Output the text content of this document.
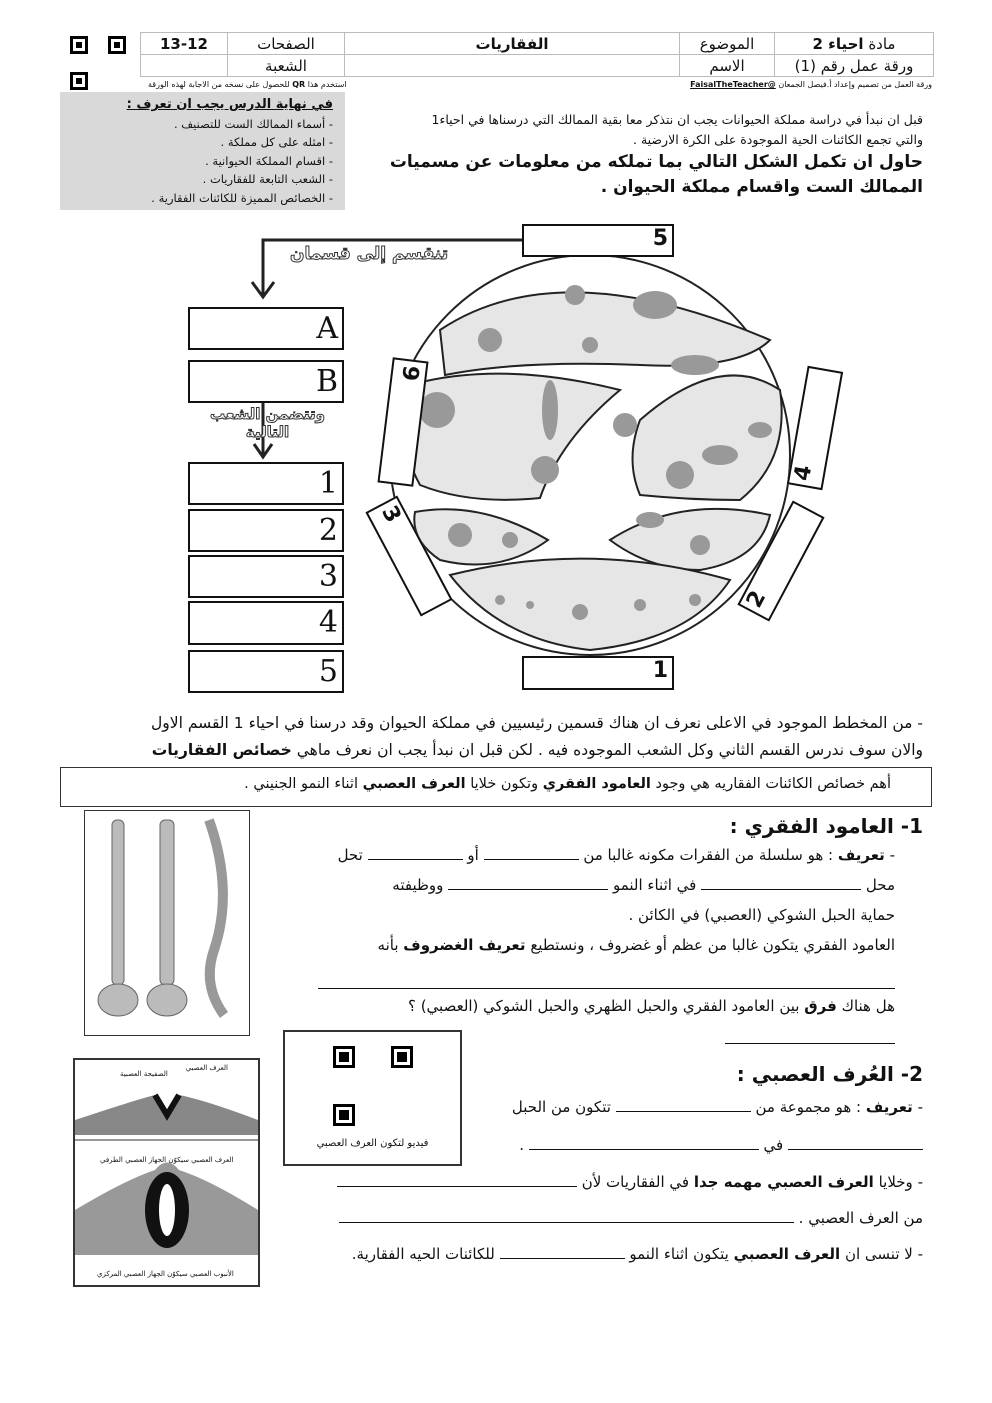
13-12	الصفحات	الفقاريات	الموضوع	مادة احياء 2
	الشعبة		الاسم	ورقة عمل رقم (1)
ورقة العمل من تصميم وإعداد أ.فيصل الجمعان @FaisalTheTeacher
استخدم هذا QR للحصول على نسخه من الاجابة لهذه الورقة
في نهاية الدرس يجب ان تعرف :
- أسماء الممالك الست للتصنيف .
- امثله على كل مملكة .
- اقسام المملكة الحيوانية .
- الشعب التابعة للفقاريات .
- الخصائص المميزة للكائنات الفقارية .
قبل ان نبدأ في دراسة مملكة الحيوانات يجب ان نتذكر معا بقية الممالك التي درسناها في احياء1
والتي تجمع الكائنات الحية الموجودة على الكرة الارضية .
حاول ان تكمل الشكل التالي بما تملكه من معلومات عن مسميات الممالك الست واقسام مملكة الحيوان .
تنقسم إلى قسمان
وتتضمن الشعب التالية
A
B
1
2
3
4
5
5
1
6
3
4
2
- من المخطط الموجود في الاعلى نعرف ان هناك قسمين رئيسيين في مملكة الحيوان وقد درسنا في احياء 1 القسم الاول
والان سوف ندرس القسم الثاني وكل الشعب الموجوده فيه . لكن قبل ان نبدأ يجب ان نعرف ماهي خصائص الفقاريات
أهم خصائص الكائنات الفقاريه هي وجود العامود الفقري وتكون خلايا العرف العصبي اثناء النمو الجنيني .
1- العامود الفقري :
- تعريف : هو سلسلة من الفقرات مكونه غالبا من  أو  تحل
محل  في اثناء النمو  ووظيفته
حماية الحبل الشوكي (العصبي) في الكائن .
العامود الفقري يتكون غالبا من عظم أو غضروف ، ونستطيع تعريف الغضروف بأنه
هل هناك فرق بين العامود الفقري والحبل الظهري والحبل الشوكي (العصبي) ؟
فيديو لتكون العرف العصبي
العرف العصبي
الصفيحة العصبية
العرف العصبي سيكوّن الجهاز العصبي الطرفي
الأنبوب العصبي سيكوّن الجهاز العصبي المركزي
2- العُرف العصبي :
- تعريف : هو مجموعة من  تتكون من الحبل
في  .
- وخلايا العرف العصبي مهمه جدا في الفقاريات لأن
من العرف العصبي .
- لا تنسى ان العرف العصبي يتكون اثناء النمو  للكائنات الحيه الفقارية.
